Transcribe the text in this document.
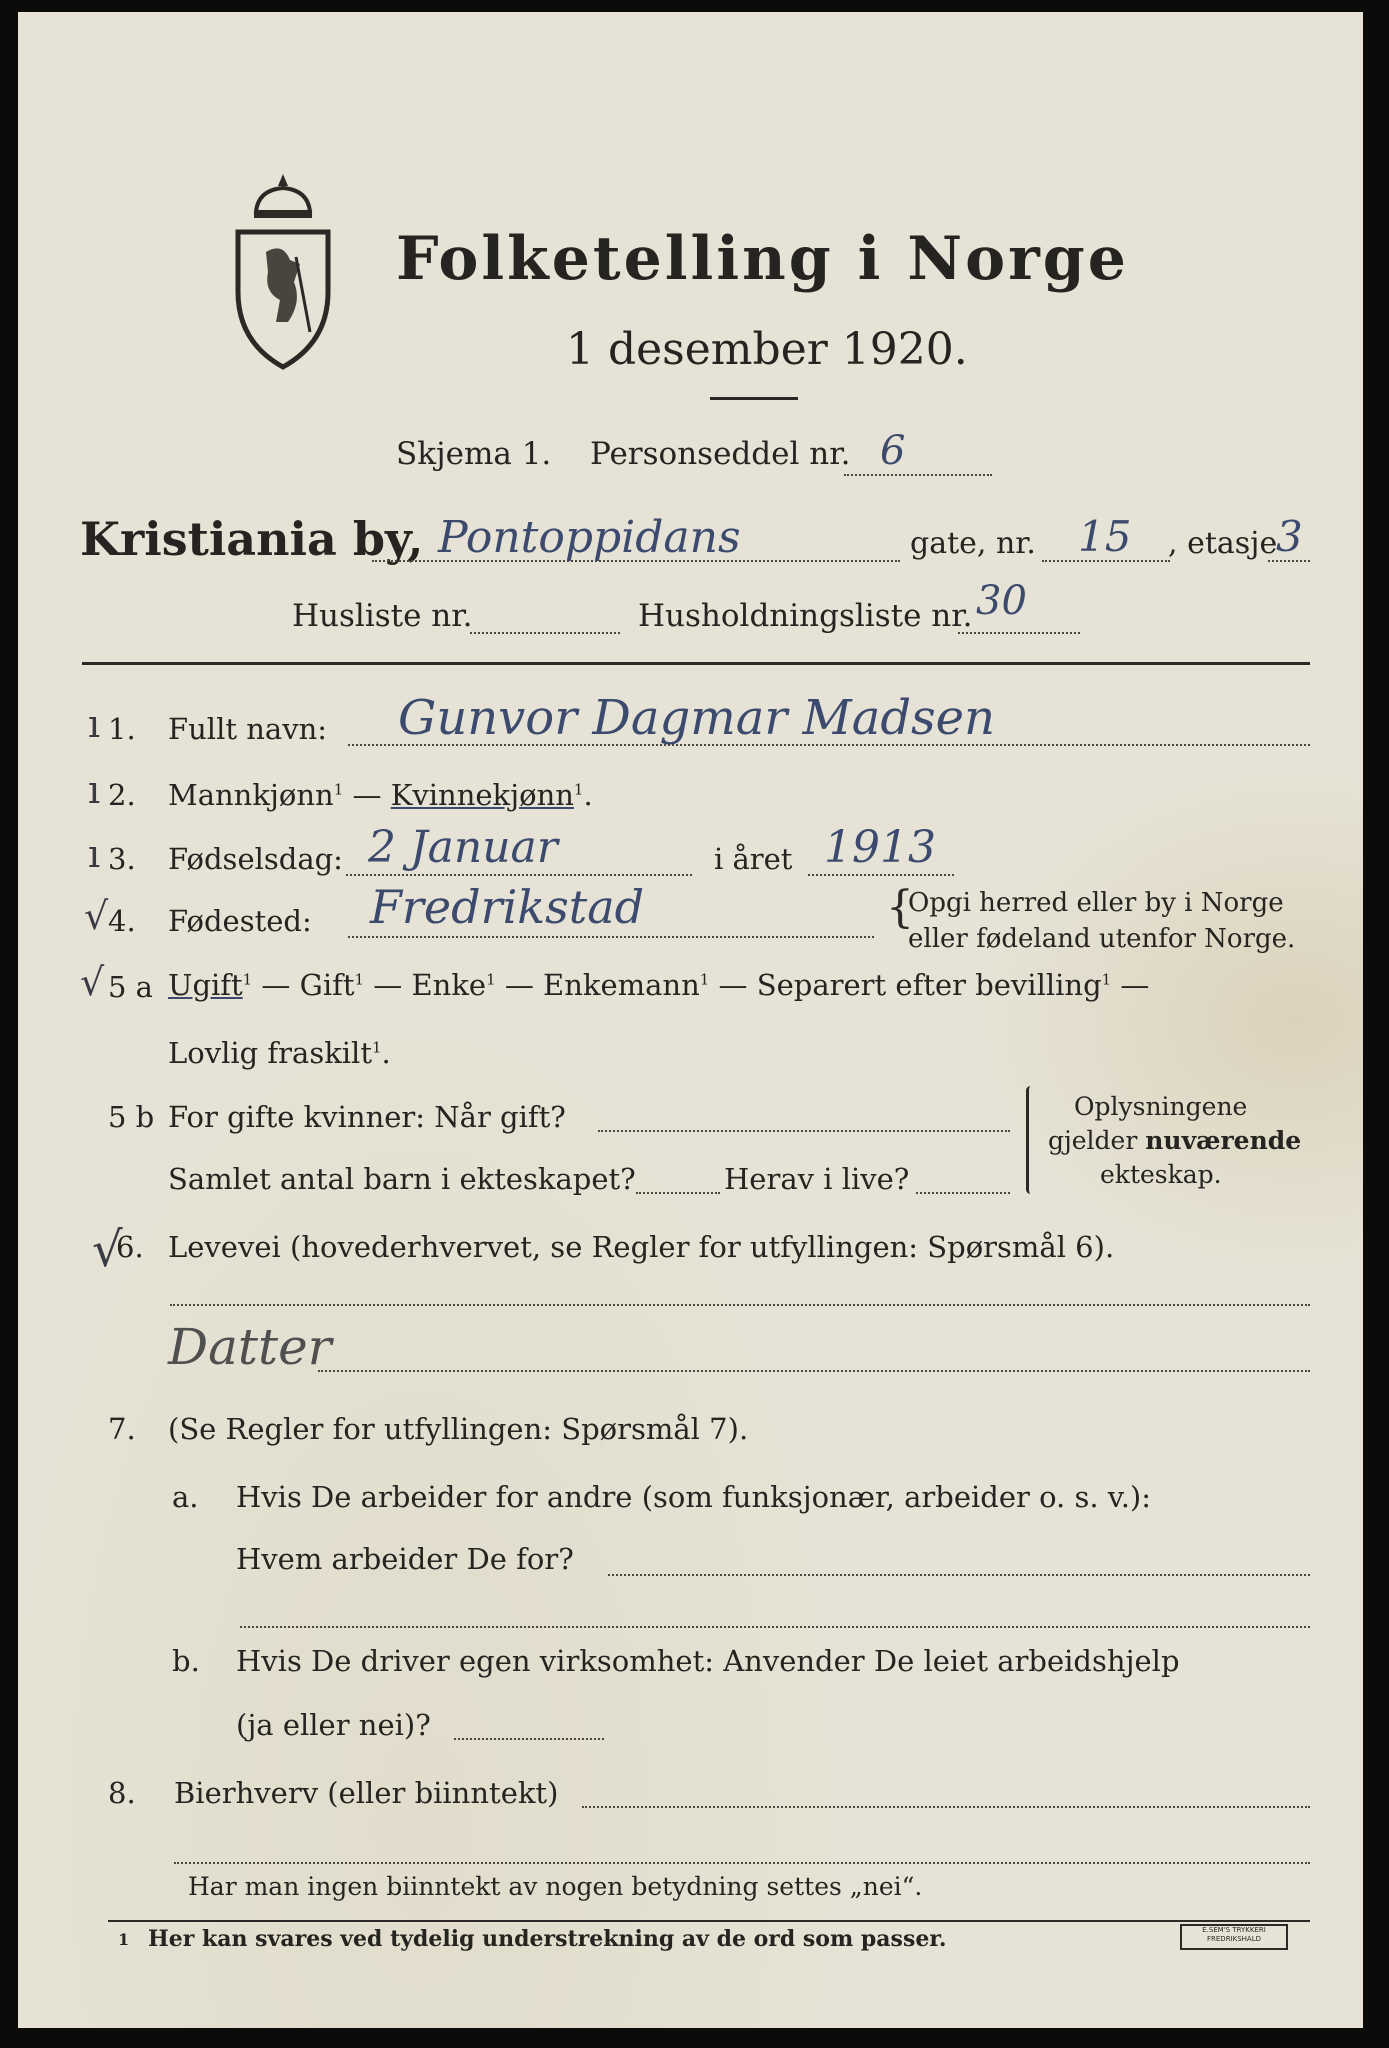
Folketelling i Norge
1 desember 1920.
Skjema 1. Personseddel nr. 6
Kristiania by, Pontoppidans	gate, nr. 15 , etasje
3
Husliste nr.	Husholdningsliste nr. 30
ı 1. Fullt navn: Gunvor Dagmar Madsen
ı 2. Mannkjønn$^1$ — Kvinnekjønn$^1$.
ı 3. Fødselsdag: 2 Januar	i året 1913
√ 4. Fødested: Fredrikstad	{
Opgi herred eller by i Norge
eller fødeland utenfor Norge.
√ 5 a Ugift$^1$ — Gift$^1$ — Enke$^1$ — Enkemann$^1$ — Separert efter bevilling$^1$ —
Lovlig fraskilt$^1$.
5 b For gifte kvinner: Når gift?
Samlet antal barn i ekteskapet?	Herav i live?
Oplysningene
gjelder nuværende
ekteskap.
√
6. Levevei (hovederhvervet, se Regler for utfyllingen: Spørsmål 6).
Datter
7. (Se Regler for utfyllingen: Spørsmål 7).
a. Hvis De arbeider for andre (som funksjonær, arbeider o. s. v.):
Hvem arbeider De for?
b. Hvis De driver egen virksomhet: Anvender De leiet arbeidshjelp
(ja eller nei)?
8. Bierhverv (eller biinntekt)
Har man ingen biinntekt av nogen betydning settes „nei“.
1 Her kan svares ved tydelig understrekning av de ord som passer.	E.SEM'S TRYKKERI
FREDRIKSHALD
